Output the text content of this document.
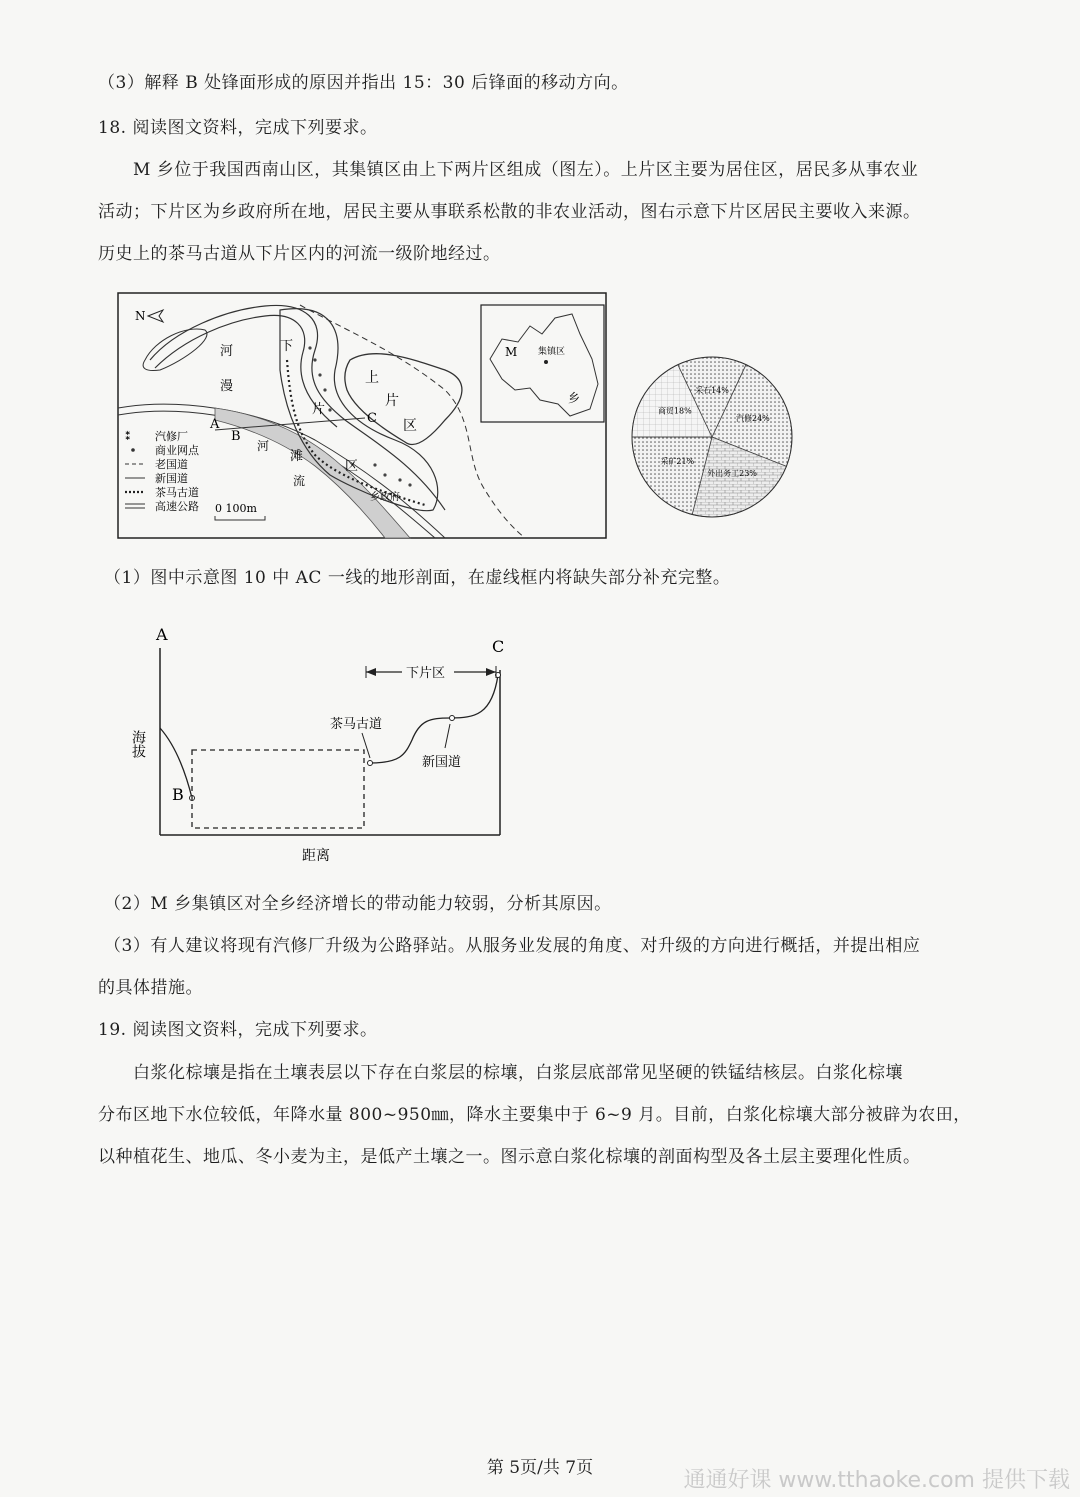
（3）解释 B 处锋面形成的原因并指出 15：30 后锋面的移动方向。
18. 阅读图文资料，完成下列要求。
M 乡位于我国西南山区，其集镇区由上下两片区组成（图左）。上片区主要为居住区，居民多从事农业
活动；下片区为乡政府所在地，居民主要从事联系松散的非农业活动，图右示意下片区居民主要收入来源。
历史上的茶马古道从下片区内的河流一级阶地经过。
N
河
漫
滩
下
片
区
上
片
区
河
流
A
B
C
乡政府
⁑ 汽修厂
商业网点
老国道
新国道
茶马古道
高速公路 0 100m
M 集镇区
乡
汽修24%
外出务工23%
采矿21%
商贸18%
采石14%
（1）图中示意图 10 中 AC 一线的地形剖面，在虚线框内将缺失部分补充完整。
A
C
B
海拔
距离
下片区
茶马古道
新国道
（2）M 乡集镇区对全乡经济增长的带动能力较弱，分析其原因。
（3）有人建议将现有汽修厂升级为公路驿站。从服务业发展的角度、对升级的方向进行概括，并提出相应
的具体措施。
19. 阅读图文资料，完成下列要求。
白浆化棕壤是指在土壤表层以下存在白浆层的棕壤，白浆层底部常见坚硬的铁锰结核层。白浆化棕壤
分布区地下水位较低，年降水量 800~950㎜，降水主要集中于 6~9 月。目前，白浆化棕壤大部分被辟为农田，
以种植花生、地瓜、冬小麦为主，是低产土壤之一。图示意白浆化棕壤的剖面构型及各土层主要理化性质。
第 5页/共 7页	通通好课 www.tthaoke.com 提供下载
